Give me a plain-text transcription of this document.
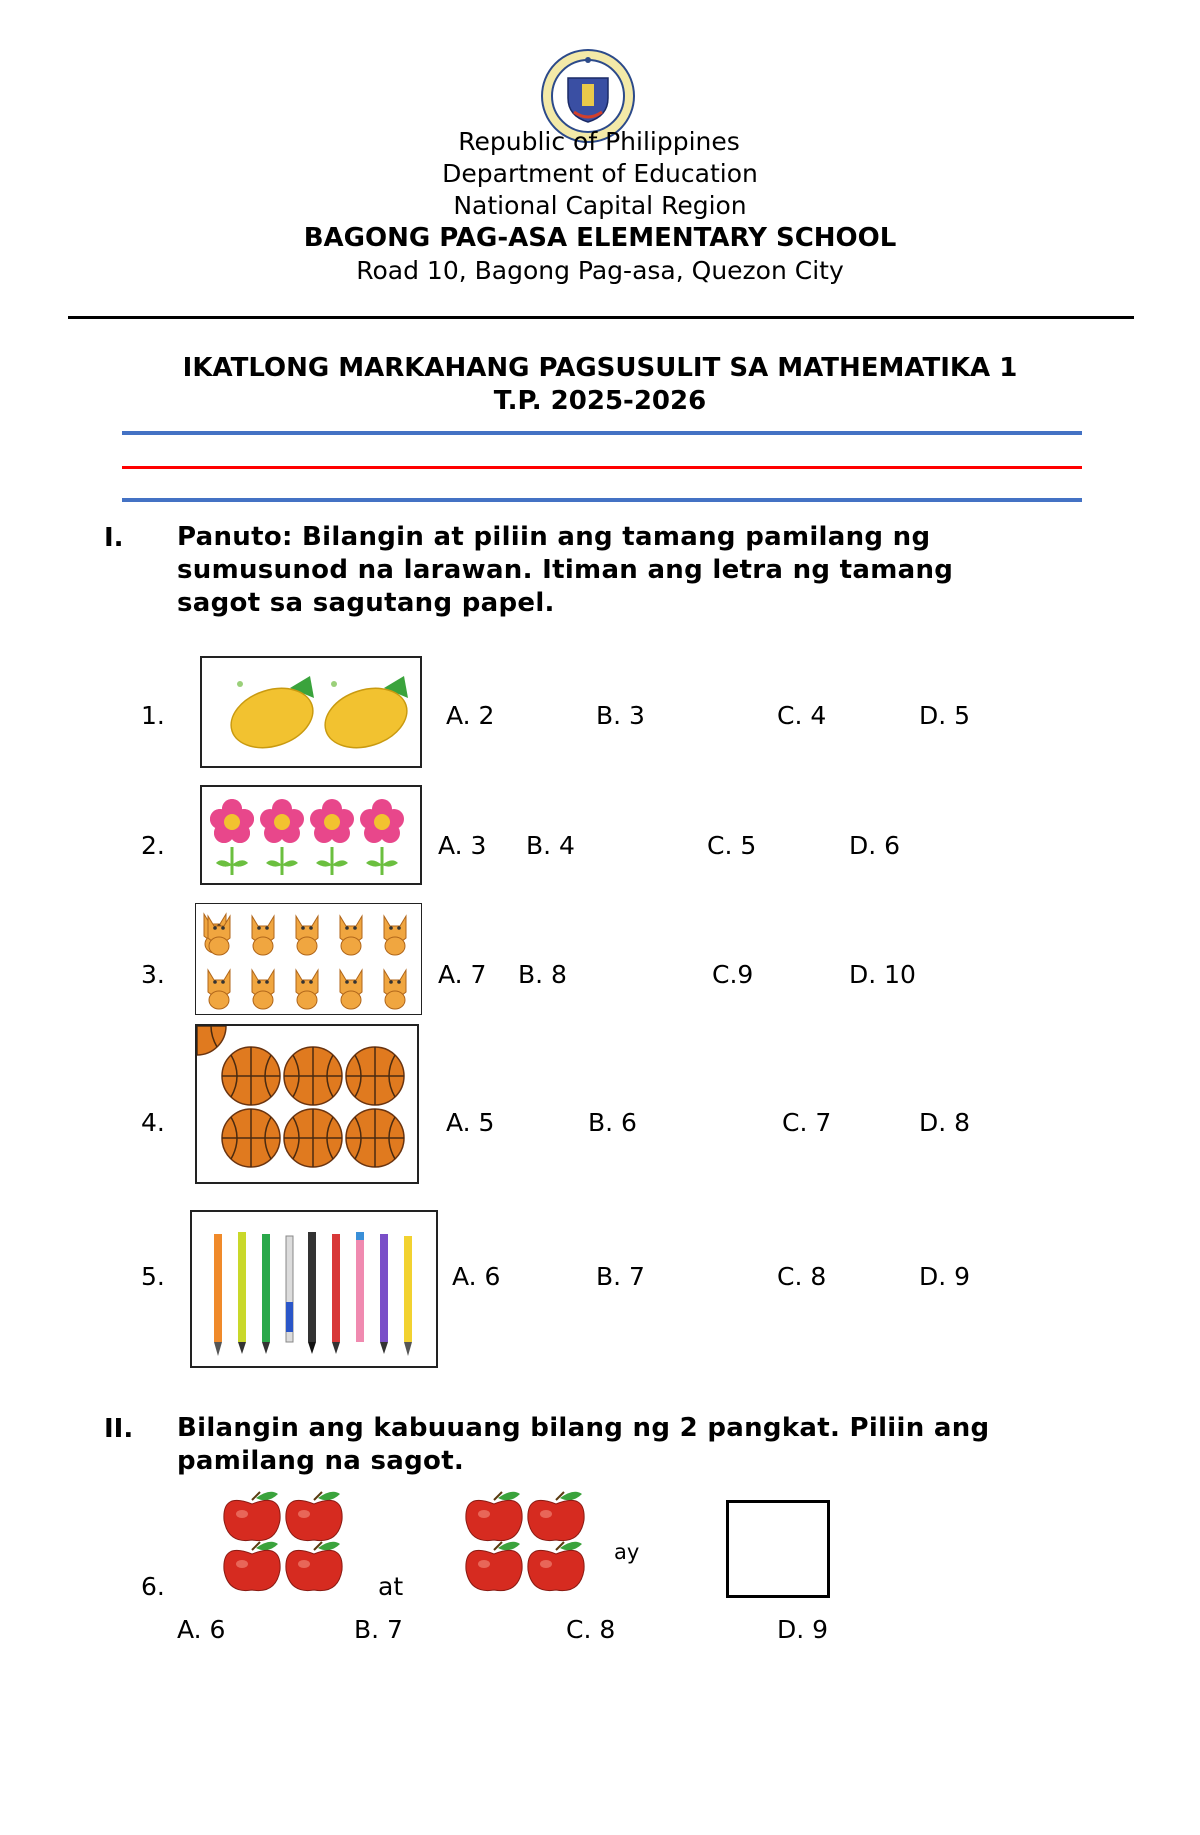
Republic of Philippines
Department of Education
National Capital Region
BAGONG PAG-ASA ELEMENTARY SCHOOL
Road 10, Bagong Pag-asa, Quezon City
IKATLONG MARKAHANG PAGSUSULIT SA MATHEMATIKA 1
T.P. 2025-2026
I. Panuto: Bilangin at piliin ang tamang pamilang ng
sumusunod na larawan. Itiman ang letra ng tamang
sagot sa sagutang papel.
1.	A. 2	B. 3	C. 4	D. 5
2.	A. 3 B. 4	C. 5	D. 6
3.	A. 7 B. 8	C.9	D. 10
4.	A. 5	B. 6	C. 7	D. 8
5.	A. 6	B. 7	C. 8	D. 9
II. Bilangin ang kabuuang bilang ng 2 pangkat. Piliin ang
pamilang na sagot.
6.	at
ay
A. 6	B. 7	C. 8	D. 9
